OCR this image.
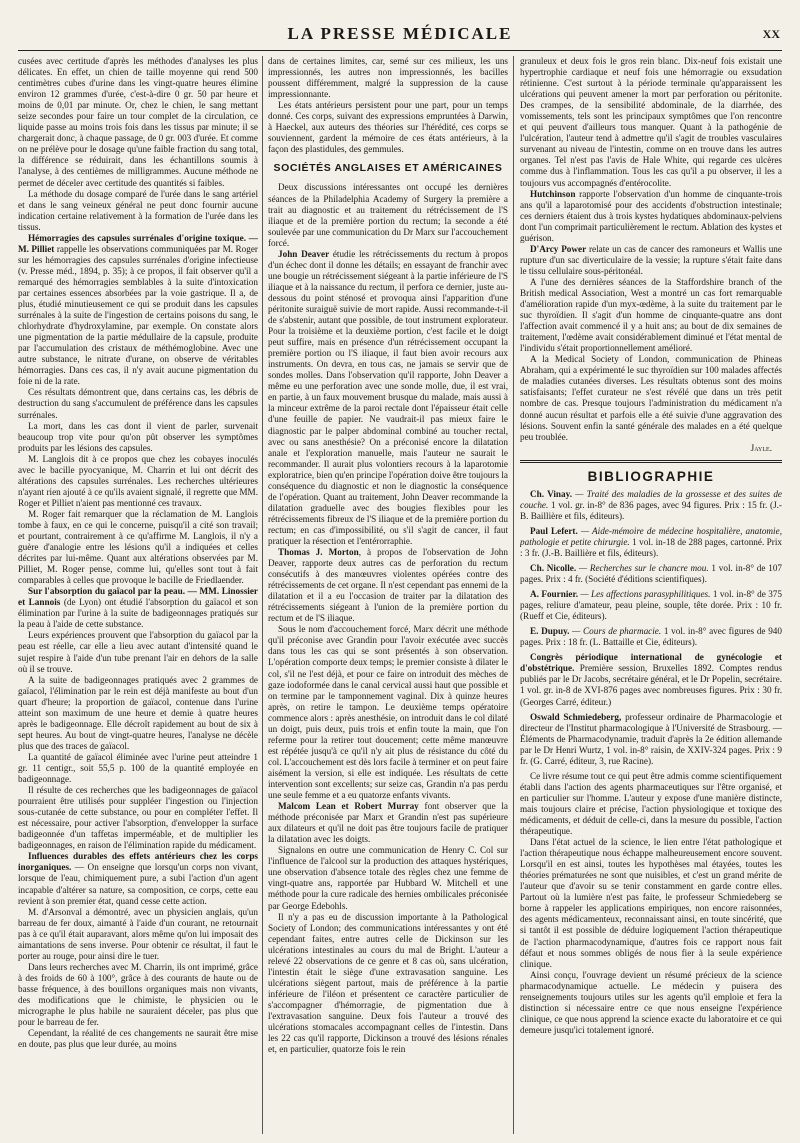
LA PRESSE MÉDICALE	XX

cusées avec certitude d'après les méthodes d'analyses les plus délicates. En effet, un chien de taille moyenne qui rend 500 centimètres cubes d'urine dans les vingt-quatre heures élimine environ 12 grammes d'urée, c'est-à-dire 0 gr. 50 par heure et moins de 0,01 par minute. Or, chez le chien, le sang mettant seize secondes pour faire un tour complet de la circulation, ce liquide passe au moins trois fois dans les tissus par minute; il se chargerait donc, à chaque passage, de 0 gr. 003 d'urée. Et comme on ne prélève pour le dosage qu'une faible fraction du sang total, la différence se réduirait, dans les échantillons soumis à l'analyse, à des centièmes de milligrammes. Aucune méthode ne permet de déceler avec certitude des quantités si faibles.

La méthode du dosage comparé de l'urée dans le sang artériel et dans le sang veineux général ne peut donc fournir aucune indication certaine relativement à la formation de l'urée dans les tissus.

Hémorragies des capsules surrénales d'origine toxique. — M. Pilliet rappelle les observations communiquées par M. Roger sur les hémorragies des capsules surrénales d'origine infectieuse (v. Presse méd., 1894, p. 35); à ce propos, il fait observer qu'il a remarqué des hémorragies semblables à la suite d'intoxication par certaines essences absorbées par la voie gastrique. Il a, de plus, étudié minutieusement ce qui se produit dans les capsules surrénales à la suite de l'ingestion de certains poisons du sang, le chlorhydrate d'hydroxylamine, par exemple. On constate alors une pigmentation de la partie médullaire de la capsule, produite par l'accumulation des cristaux de méthémoglobine. Avec une autre substance, le nitrate d'urane, on observe de véritables hémorragies. Dans ces cas, il n'y avait aucune pigmentation du foie ni de la rate.

Ces résultats démontrent que, dans certains cas, les débris de destruction du sang s'accumulent de préférence dans les capsules surrénales.

La mort, dans les cas dont il vient de parler, survenait beaucoup trop vite pour qu'on pût observer les symptômes produits par les lésions des capsules.

M. Langlois dit à ce propos que chez les cobayes inoculés avec le bacille pyocyanique, M. Charrin et lui ont décrit des altérations des capsules surrénales. Les recherches ultérieures n'ayant rien ajouté à ce qu'ils avaient signalé, il regrette que MM. Roger et Pilliet n'aient pas mentionné ces travaux.

M. Roger fait remarquer que la réclamation de M. Langlois tombe à faux, en ce qui le concerne, puisqu'il a cité son travail; et pourtant, contrairement à ce qu'affirme M. Langlois, il n'y a guère d'analogie entre les lésions qu'il a indiquées et celles décrites par lui-même. Quant aux altérations observées par M. Pilliet, M. Roger pense, comme lui, qu'elles sont tout à fait comparables à celles que provoque le bacille de Friedlaender.

Sur l'absorption du gaïacol par la peau. — MM. Linossier et Lannois (de Lyon) ont étudié l'absorption du gaïacol et son élimination par l'urine à la suite de badigeonnages pratiqués sur la peau à l'aide de cette substance.

Leurs expériences prouvent que l'absorption du gaïacol par la peau est réelle, car elle a lieu avec autant d'intensité quand le sujet respire à l'aide d'un tube prenant l'air en dehors de la salle où il se trouve.

A la suite de badigeonnages pratiqués avec 2 grammes de gaïacol, l'élimination par le rein est déjà manifeste au bout d'un quart d'heure; la proportion de gaïacol, contenue dans l'urine atteint son maximum de une heure et demie à quatre heures après le badigeonnage. Elle décroît rapidement au bout de six à sept heures. Au bout de vingt-quatre heures, l'analyse ne décèle plus que des traces de gaïacol.

La quantité de gaïacol éliminée avec l'urine peut atteindre 1 gr. 11 centigr., soit 55,5 p. 100 de la quantité employée en badigeonnage.

Il résulte de ces recherches que les badigeonnages de gaïacol pourraient être utilisés pour suppléer l'ingestion ou l'injection sous-cutanée de cette substance, ou pour en compléter l'effet. Il est nécessaire, pour activer l'absorption, d'envelopper la surface badigeonnée d'un taffetas imperméable, et de multiplier les badigeonnages, en raison de l'élimination rapide du médicament.

Influences durables des effets antérieurs chez les corps inorganiques. — On enseigne que lorsqu'un corps non vivant, lorsque de l'eau, chimiquement pure, a subi l'action d'un agent incapable d'altérer sa nature, sa composition, ce corps, cette eau revient à son premier état, quand cesse cette action.

M. d'Arsonval a démontré, avec un physicien anglais, qu'un barreau de fer doux, aimanté à l'aide d'un courant, ne retournait pas à ce qu'il était auparavant, alors même qu'on lui imposait des aimantations de sens inverse. Pour obtenir ce résultat, il faut le porter au rouge, pour ainsi dire le tuer.

Dans leurs recherches avec M. Charrin, ils ont imprimé, grâce à des froids de 60 à 100°, grâce à des courants de haute ou de basse fréquence, à des bouillons organiques mais non vivants, des modifications que le chimiste, le physicien ou le micrographe le plus habile ne sauraient déceler, pas plus que pour le barreau de fer.

Cependant, la réalité de ces changements ne saurait être mise en doute, pas plus que leur durée, au moins

dans de certaines limites, car, semé sur ces milieux, les uns impressionnés, les autres non impressionnés, les bacilles poussent différemment, malgré la suppression de la cause impressionnante.

Les états antérieurs persistent pour une part, pour un temps donné. Ces corps, suivant des expressions empruntées à Darwin, à Haeckel, aux auteurs des théories sur l'hérédité, ces corps se souviennent, gardent la mémoire de ces états antérieurs, à la façon des plastidules, des gemmules.

SOCIÉTÉS ANGLAISES ET AMÉRICAINES

Deux discussions intéressantes ont occupé les dernières séances de la Philadelphia Academy of Surgery la première a trait au diagnostic et au traitement du rétrécissement de l'S iliaque et de la première portion du rectum; la seconde a été soulevée par une communication du Dr Marx sur l'accouchement forcé.

John Deaver étudie les rétrécissements du rectum à propos d'un échec dont il donne les détails; en essayant de franchir avec une bougie un rétrécissement siégeant à la partie inférieure de l'S iliaque et à la naissance du rectum, il perfora ce dernier, juste au-dessous du point sténosé et provoqua ainsi l'apparition d'une péritonite suraiguë suivie de mort rapide. Aussi recommande-t-il de s'abstenir, autant que possible, de tout instrument explorateur. Pour la troisième et la deuxième portion, c'est facile et le doigt peut suffire, mais en présence d'un rétrécissement occupant la première portion ou l'S iliaque, il faut bien avoir recours aux instruments. On devra, en tous cas, ne jamais se servir que de sondes molles. Dans l'observation qu'il rapporte, John Deaver a même eu une perforation avec une sonde molle, due, il est vrai, en partie, à un faux mouvement brusque du malade, mais aussi à la minceur extrême de la paroi rectale dont l'épaisseur était celle d'une feuille de papier. Ne vaudrait-il pas mieux faire le diagnostic par le palper abdominal combiné au toucher rectal, avec ou sans anesthésie? On a préconisé encore la dilatation anale et l'exploration manuelle, mais l'auteur ne saurait le recommander. Il aurait plus volontiers recours à la laparotomie exploratrice, bien qu'en principe l'opération doive être toujours la conséquence du diagnostic et non le diagnostic la conséquence de l'opération. Quant au traitement, John Deaver recommande la dilatation graduelle avec des bougies flexibles pour les rétrécissements fibreux de l'S iliaque et de la première portion du rectum; en cas d'impossibilité, ou s'il s'agit de cancer, il faut pratiquer la résection et l'entérorraphie.

Thomas J. Morton, à propos de l'observation de John Deaver, rapporte deux autres cas de perforation du rectum consécutifs à des manœuvres violentes opérées contre des rétrécissements de cet organe. Il n'est cependant pas ennemi de la dilatation et il a eu l'occasion de traiter par la dilatation des rétrécissements siégeant à l'union de la première portion du rectum et de l'S iliaque.

Sous le nom d'accouchement forcé, Marx décrit une méthode qu'il préconise avec Grandin pour l'avoir exécutée avec succès dans tous les cas qui se sont présentés à son observation. L'opération comporte deux temps; le premier consiste à dilater le col, s'il ne l'est déjà, et pour ce faire on introduit des mèches de gaze iodoformée dans le canal cervical aussi haut que possible et on termine par le tamponnement vaginal. Dix à quinze heures après, on retire le tampon. Le deuxième temps opératoire commence alors : après anesthésie, on introduit dans le col dilaté un doigt, puis deux, puis trois et enfin toute la main, que l'on referme pour la retirer tout doucement; cette même manœuvre est répétée jusqu'à ce qu'il n'y ait plus de résistance du côté du col. L'accouchement est dès lors facile à terminer et on peut faire aisément la version, si elle est indiquée. Les résultats de cette intervention sont excellents; sur seize cas, Grandin n'a pas perdu une seule femme et a eu quatorze enfants vivants.

Malcom Lean et Robert Murray font observer que la méthode préconisée par Marx et Grandin n'est pas supérieure aux dilateurs et qu'il ne doit pas être toujours facile de pratiquer la dilatation avec les doigts.

Signalons en outre une communication de Henry C. Col sur l'influence de l'alcool sur la production des attaques hystériques, une observation d'absence totale des règles chez une femme de vingt-quatre ans, rapportée par Hubbard W. Mitchell et une méthode pour la cure radicale des hernies ombilicales préconisée par George Edebohls.

Il n'y a pas eu de discussion importante à la Pathological Society of London; des communications intéressantes y ont été cependant faites, entre autres celle de Dickinson sur les ulcérations intestinales au cours du mal de Bright. L'auteur a relevé 22 observations de ce genre et 8 cas où, sans ulcération, l'intestin était le siège d'une extravasation sanguine. Les ulcérations siègent partout, mais de préférence à la partie inférieure de l'iléon et présentent ce caractère particulier de s'accompagner d'hémorragie, de pigmentation due à l'extravasation sanguine. Deux fois l'auteur a trouvé des ulcérations stomacales accompagnant celles de l'intestin. Dans les 22 cas qu'il rapporte, Dickinson a trouvé des lésions rénales et, en particulier, quatorze fois le rein

granuleux et deux fois le gros rein blanc. Dix-neuf fois existait une hypertrophie cardiaque et neuf fois une hémorragie ou exsudation rétinienne. C'est surtout à la période terminale qu'apparaissent les ulcérations qui peuvent amener la mort par perforation ou péritonite. Des crampes, de la sensibilité abdominale, de la diarrhée, des vomissements, tels sont les principaux symptômes que l'on rencontre et qui peuvent d'ailleurs tous manquer. Quant à la pathogénie de l'ulcération, l'auteur tend à admettre qu'il s'agit de troubles vasculaires survenant au niveau de l'intestin, comme on en trouve dans les autres organes. Tel n'est pas l'avis de Hale White, qui regarde ces ulcères comme dus à l'inflammation. Tous les cas qu'il a pu observer, il les a toujours vus accompagnés d'entérocolite.

Hutchinson rapporte l'observation d'un homme de cinquante-trois ans qu'il a laparotomisé pour des accidents d'obstruction intestinale; ces derniers étaient dus à trois kystes hydatiques abdominaux-pelviens dont l'un comprimait particulièrement le rectum. Ablation des kystes et guérison.

D'Arcy Power relate un cas de cancer des ramoneurs et Wallis une rupture d'un sac diverticulaire de la vessie; la rupture s'était faite dans le tissu cellulaire sous-péritonéal.

A l'une des dernières séances de la Staffordshire branch of the British medical Association, West a montré un cas fort remarquable d'amélioration rapide d'un myx-œdème, à la suite du traitement par le suc thyroïdien. Il s'agit d'un homme de cinquante-quatre ans dont l'affection avait commencé il y a huit ans; au bout de dix semaines de traitement, l'œdème avait considérablement diminué et l'état mental de l'individu s'était proportionnellement amélioré.

A la Medical Society of London, communication de Phineas Abraham, qui a expérimenté le suc thyroïdien sur 100 malades affectés de maladies cutanées diverses. Les résultats obtenus sont des moins satisfaisants; l'effet curateur ne s'est révélé que dans un très petit nombre de cas. Presque toujours l'administration du médicament n'a donné aucun résultat et parfois elle a été suivie d'une aggravation des lésions. Souvent enfin la santé générale des malades en a été quelque peu troublée.

Jayle.
BIBLIOGRAPHIE

Ch. Vinay. — Traité des maladies de la grossesse et des suites de couche. 1 vol. gr. in-8° de 836 pages, avec 94 figures. Prix : 15 fr. (J.-B. Baillière et fils, éditeurs).

Paul Lefert. — Aide-mémoire de médecine hospitalière, anatomie, pathologie et petite chirurgie. 1 vol. in-18 de 288 pages, cartonné. Prix : 3 fr. (J.-B. Baillière et fils, éditeurs).

Ch. Nicolle. — Recherches sur le chancre mou. 1 vol. in-8° de 107 pages. Prix : 4 fr. (Société d'éditions scientifiques).

A. Fournier. — Les affections parasyphilitiques. 1 vol. in-8° de 375 pages, reliure d'amateur, peau pleine, souple, tête dorée. Prix : 10 fr. (Rueff et Cie, éditeurs).

E. Dupuy. — Cours de pharmacie. 1 vol. in-8° avec figures de 940 pages. Prix : 18 fr. (L. Battaille et Cie, éditeurs).

Congrès périodique international de gynécologie et d'obstétrique. Première session, Bruxelles 1892. Comptes rendus publiés par le Dr Jacobs, secrétaire général, et le Dr Popelin, secrétaire. 1 vol. gr. in-8 de XVI-876 pages avec nombreuses figures. Prix : 30 fr. (Georges Carré, éditeur.)

Oswald Schmiedeberg, professeur ordinaire de Pharmacologie et directeur de l'Institut pharmacologique à l'Université de Strasbourg. — Éléments de Pharmacodynamie, traduit d'après la 2e édition allemande par le Dr Henri Wurtz, 1 vol. in-8° raisin, de XXIV-324 pages. Prix : 9 fr. (G. Carré, éditeur, 3, rue Racine).

Ce livre résume tout ce qui peut être admis comme scientifiquement établi dans l'action des agents pharmaceutiques sur l'être organisé, et en particulier sur l'homme. L'auteur y expose d'une manière distincte, mais toujours claire et précise, l'action physiologique et toxique des médicaments, et déduit de celle-ci, dans la mesure du possible, l'action thérapeutique.

Dans l'état actuel de la science, le lien entre l'état pathologique et l'action thérapeutique nous échappe malheureusement encore souvent. Lorsqu'il en est ainsi, toutes les hypothèses mal étayées, toutes les théories prématurées ne sont que nuisibles, et c'est un grand mérite de l'auteur que d'avoir su se tenir constamment en garde contre elles. Partout où la lumière n'est pas faite, le professeur Schmiedeberg se borne à rappeler les applications empiriques, non encore raisonnées, des agents médicamenteux, reconnaissant ainsi, en toute sincérité, que si tantôt il est possible de déduire logiquement l'action thérapeutique de l'action pharmacodynamique, d'autres fois ce rapport nous fait défaut et nous sommes obligés de nous fier à la seule expérience clinique.

Ainsi conçu, l'ouvrage devient un résumé précieux de la science pharmacodynamique actuelle. Le médecin y puisera des renseignements toujours utiles sur les agents qu'il emploie et fera la distinction si nécessaire entre ce que nous enseigne l'expérience clinique, ce que nous apprend la science exacte du laboratoire et ce qui demeure jusqu'ici totalement ignoré.
